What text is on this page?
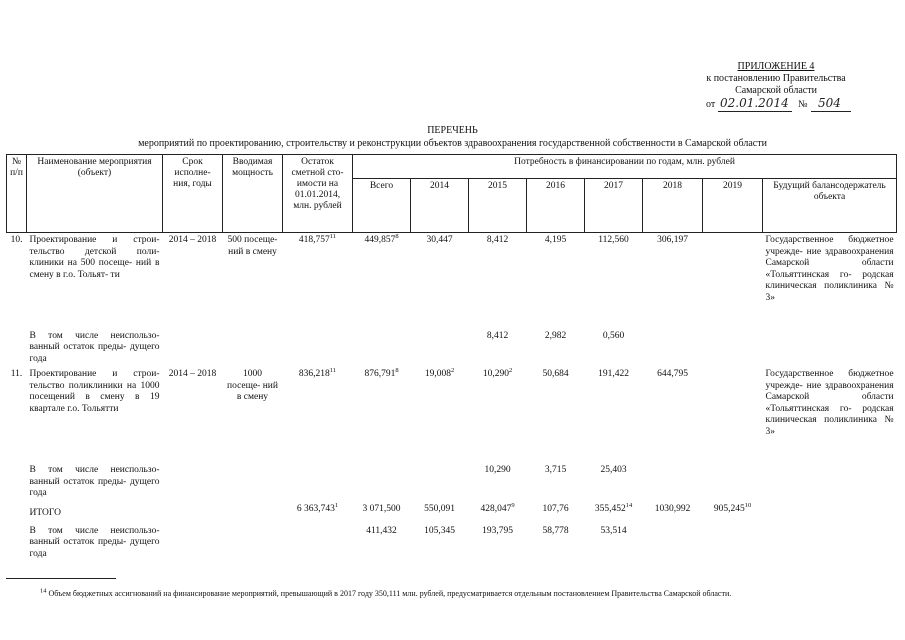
ПРИЛОЖЕНИЕ 4
к постановлению Правительства
Самарской области
от 02.01.2014 № 504
ПЕРЕЧЕНЬ
мероприятий по проектированию, строительству и реконструкции объектов здравоохранения государственной собственности в Самарской области
№ п/п	Наименование мероприятия (объект)	Срок исполне- ния, годы	Вводимая мощность	Остаток сметной сто- имости на 01.01.2014, млн. рублей	Потребность в финансировании по годам, млн. рублей							
					Всего	2014	2015	2016	2017	2018	2019	Будущий балансодержатель объекта
10.	Проектирование и строи- тельство детской поли- клиники на 500 посеще- ний в смену в г.о. Тольят- ти	2014 – 2018	500 посеще- ний в смену	418,757$^{11}$	449,857$^8$	30,447	8,412	4,195	112,560	306,197		Государственное бюджетное учрежде- ние здравоохранения Самарской области «Тольяттинская го- родская клиническая поликлиника № 3»
	В том числе неиспользо- ванный остаток преды- дущего года						8,412	2,982	0,560			
11.	Проектирование и строи- тельство поликлиники на 1000 посещений в смену в 19 квартале г.о. Тольятти	2014 – 2018	1000 посеще- ний в смену	836,218$^{11}$	876,791$^8$	19,008$^2$	10,290$^2$	50,684	191,422	644,795		Государственное бюджетное учрежде- ние здравоохранения Самарской области «Тольяттинская го- родская клиническая поликлиника № 3»
	В том числе неиспользо- ванный остаток преды- дущего года						10,290	3,715	25,403			
	ИТОГО			6 363,743$^1$	3 071,500	550,091	428,047$^9$	107,76	355,452$^{14}$	1030,992	905,245$^{10}$	
	В том числе неиспользо- ванный остаток преды- дущего года				411,432	105,345	193,795	58,778	53,514			
$^{14}$ Объем бюджетных ассигнований на финансирование мероприятий, превышающий в 2017 году 350,111 млн. рублей, предусматривается отдельным постановлением Правительства Самарской области.
